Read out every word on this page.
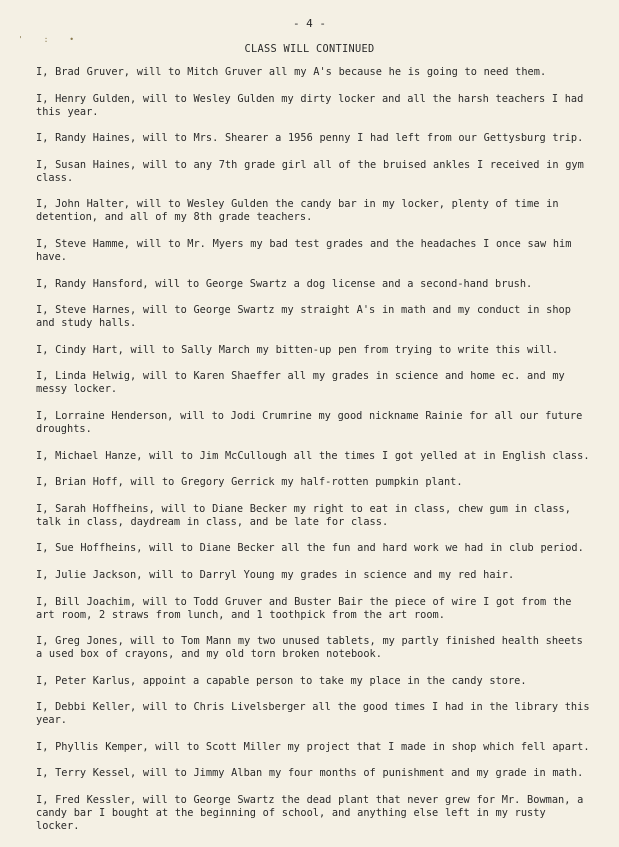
- 4 -
' : •
CLASS WILL CONTINUED

I, Brad Gruver, will to Mitch Gruver all my A's because he is going to need them.

I, Henry Gulden, will to Wesley Gulden my dirty locker and all the harsh teachers I had this year.

I, Randy Haines, will to Mrs. Shearer a 1956 penny I had left from our Gettysburg trip.

I, Susan Haines, will to any 7th grade girl all of the bruised ankles I received in gym class.

I, John Halter, will to Wesley Gulden the candy bar in my locker, plenty of time in detention, and all of my 8th grade teachers.

I, Steve Hamme, will to Mr. Myers my bad test grades and the headaches I once saw him have.

I, Randy Hansford, will to George Swartz a dog license and a second-hand brush.

I, Steve Harnes, will to George Swartz my straight A's in math and my conduct in shop and study halls.

I, Cindy Hart, will to Sally March my bitten-up pen from trying to write this will.

I, Linda Helwig, will to Karen Shaeffer all my grades in science and home ec. and my messy locker.

I, Lorraine Henderson, will to Jodi Crumrine my good nickname Rainie for all our future droughts.

I, Michael Hanze, will to Jim McCullough all the times I got yelled at in English class.

I, Brian Hoff, will to Gregory Gerrick my half-rotten pumpkin plant.

I, Sarah Hoffheins, will to Diane Becker my right to eat in class, chew gum in class, talk in class, daydream in class, and be late for class.

I, Sue Hoffheins, will to Diane Becker all the fun and hard work we had in club period.

I, Julie Jackson, will to Darryl Young my grades in science and my red hair.

I, Bill Joachim, will to Todd Gruver and Buster Bair the piece of wire I got from the art room, 2 straws from lunch, and 1 toothpick from the art room.

I, Greg Jones, will to Tom Mann my two unused tablets, my partly finished health sheets a used box of crayons, and my old torn broken notebook.

I, Peter Karlus, appoint a capable person to take my place in the candy store.

I, Debbi Keller, will to Chris Livelsberger all the good times I had in the library this year.

I, Phyllis Kemper, will to Scott Miller my project that I made in shop which fell apart.

I, Terry Kessel, will to Jimmy Alban my four months of punishment and my grade in math.

I, Fred Kessler, will to George Swartz the dead plant that never grew for Mr. Bowman, a candy bar I bought at the beginning of school, and anything else left in my rusty locker.
